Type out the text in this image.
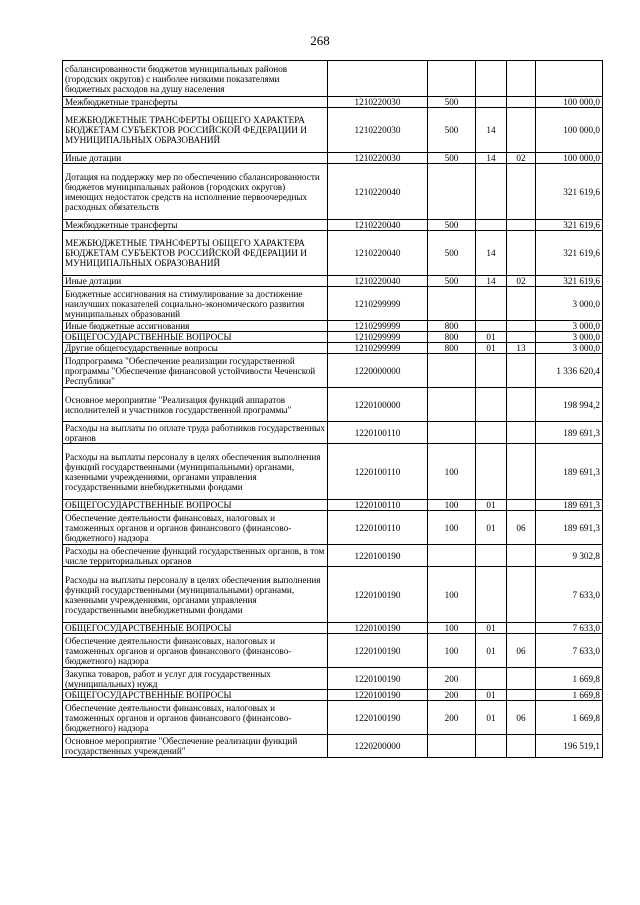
268
сбалансированности бюджетов муниципальных районов (городских округов) с наиболее низкими показателями бюджетных расходов на душу населения					
Межбюджетные трансферты	1210220030	500			100 000,0
МЕЖБЮДЖЕТНЫЕ ТРАНСФЕРТЫ ОБЩЕГО ХАРАКТЕРА БЮДЖЕТАМ СУБЪЕКТОВ РОССИЙСКОЙ ФЕДЕРАЦИИ И МУНИЦИПАЛЬНЫХ ОБРАЗОВАНИЙ	1210220030	500	14		100 000,0
Иные дотации	1210220030	500	14	02	100 000,0
Дотация на поддержку мер по обеспечению сбалансированности бюджетов муниципальных районов (городских округов) имеющих недостаток средств на исполнение первоочередных расходных обязательств	1210220040				321 619,6
Межбюджетные трансферты	1210220040	500			321 619,6
МЕЖБЮДЖЕТНЫЕ ТРАНСФЕРТЫ ОБЩЕГО ХАРАКТЕРА БЮДЖЕТАМ СУБЪЕКТОВ РОССИЙСКОЙ ФЕДЕРАЦИИ И МУНИЦИПАЛЬНЫХ ОБРАЗОВАНИЙ	1210220040	500	14		321 619,6
Иные дотации	1210220040	500	14	02	321 619,6
Бюджетные ассигнования на стимулирование за достижение наилучших показателей социально-экономического развития муниципальных образований	1210299999				3 000,0
Иные бюджетные ассигнования	1210299999	800			3 000,0
ОБЩЕГОСУДАРСТВЕННЫЕ ВОПРОСЫ	1210299999	800	01		3 000,0
Другие общегосударственные вопросы	1210299999	800	01	13	3 000,0
Подпрограмма "Обеспечение реализации государственной программы "Обеспечение финансовой устойчивости Чеченской Республики"	1220000000				1 336 620,4
Основное мероприятие "Реализация функций аппаратов исполнителей и участников государственной программы"	1220100000				198 994,2
Расходы на выплаты по оплате труда работников государственных органов	1220100110				189 691,3
Расходы на выплаты персоналу в целях обеспечения выполнения функций государственными (муниципальными) органами, казенными учреждениями, органами управления государственными внебюджетными фондами	1220100110	100			189 691,3
ОБЩЕГОСУДАРСТВЕННЫЕ ВОПРОСЫ	1220100110	100	01		189 691,3
Обеспечение деятельности финансовых, налоговых и таможенных органов и органов финансового (финансово-бюджетного) надзора	1220100110	100	01	06	189 691,3
Расходы на обеспечение функций государственных органов, в том числе территориальных органов	1220100190				9 302,8
Расходы на выплаты персоналу в целях обеспечения выполнения функций государственными (муниципальными) органами, казенными учреждениями, органами управления государственными внебюджетными фондами	1220100190	100			7 633,0
ОБЩЕГОСУДАРСТВЕННЫЕ ВОПРОСЫ	1220100190	100	01		7 633,0
Обеспечение деятельности финансовых, налоговых и таможенных органов и органов финансового (финансово-бюджетного) надзора	1220100190	100	01	06	7 633,0
Закупка товаров, работ и услуг для государственных (муниципальных) нужд	1220100190	200			1 669,8
ОБЩЕГОСУДАРСТВЕННЫЕ ВОПРОСЫ	1220100190	200	01		1 669,8
Обеспечение деятельности финансовых, налоговых и таможенных органов и органов финансового (финансово-бюджетного) надзора	1220100190	200	01	06	1 669,8
Основное мероприятие "Обеспечение реализации функций государственных учреждений"	1220200000				196 519,1
